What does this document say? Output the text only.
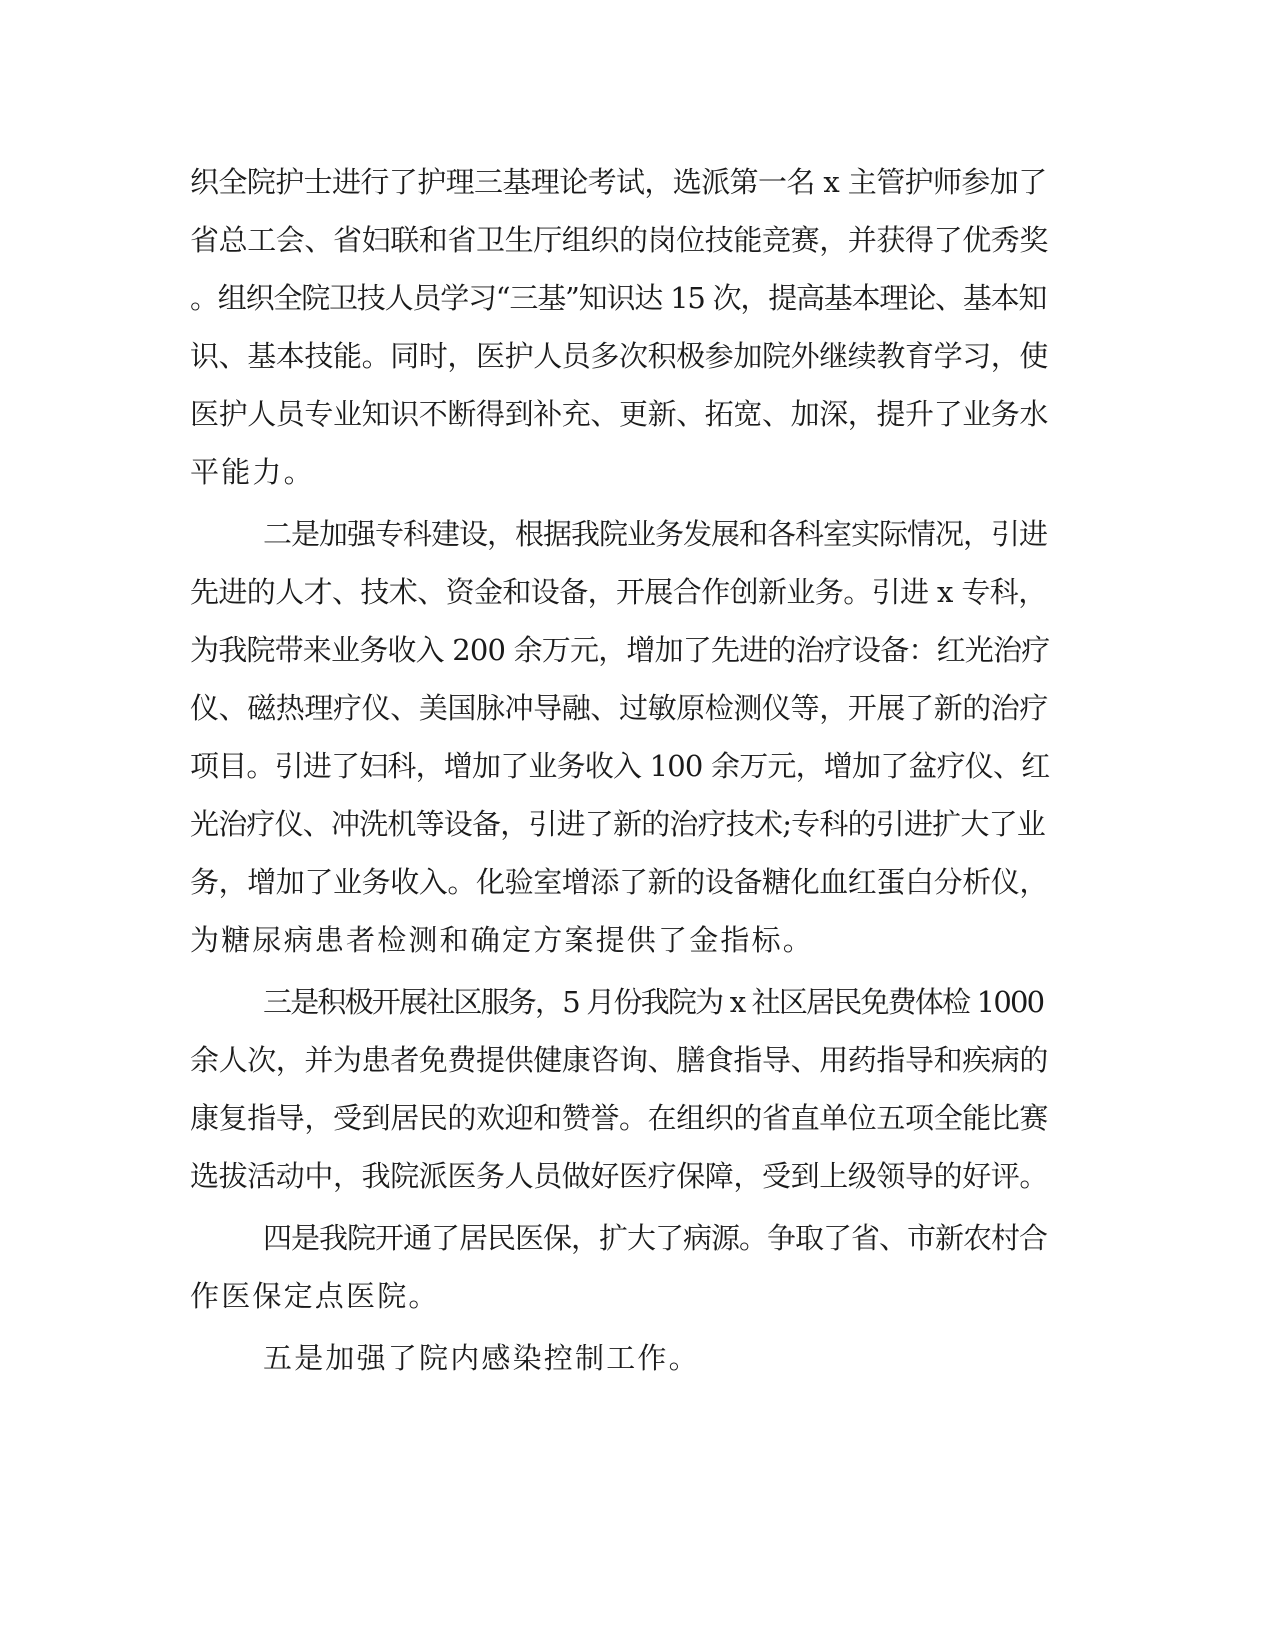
织全院护士进行了护理三基理论考试，选派第一名 x 主管护师参加了
省总工会、省妇联和省卫生厅组织的岗位技能竞赛，并获得了优秀奖
。组织全院卫技人员学习“三基”知识达 15 次，提高基本理论、基本知
识、基本技能。同时，医护人员多次积极参加院外继续教育学习，使
医护人员专业知识不断得到补充、更新、拓宽、加深，提升了业务水
平能力。
二是加强专科建设，根据我院业务发展和各科室实际情况，引进
先进的人才、技术、资金和设备，开展合作创新业务。引进 x 专科，
为我院带来业务收入 200 余万元，增加了先进的治疗设备：红光治疗
仪、磁热理疗仪、美国脉冲导融、过敏原检测仪等，开展了新的治疗
项目。引进了妇科，增加了业务收入 100 余万元，增加了盆疗仪、红
光治疗仪、冲洗机等设备，引进了新的治疗技术;专科的引进扩大了业
务，增加了业务收入。化验室增添了新的设备糖化血红蛋白分析仪，
为糖尿病患者检测和确定方案提供了金指标。
三是积极开展社区服务，5 月份我院为 x 社区居民免费体检 1000
余人次，并为患者免费提供健康咨询、膳食指导、用药指导和疾病的
康复指导，受到居民的欢迎和赞誉。在组织的省直单位五项全能比赛
选拔活动中，我院派医务人员做好医疗保障，受到上级领导的好评。
四是我院开通了居民医保，扩大了病源。争取了省、市新农村合
作医保定点医院。
五是加强了院内感染控制工作。
